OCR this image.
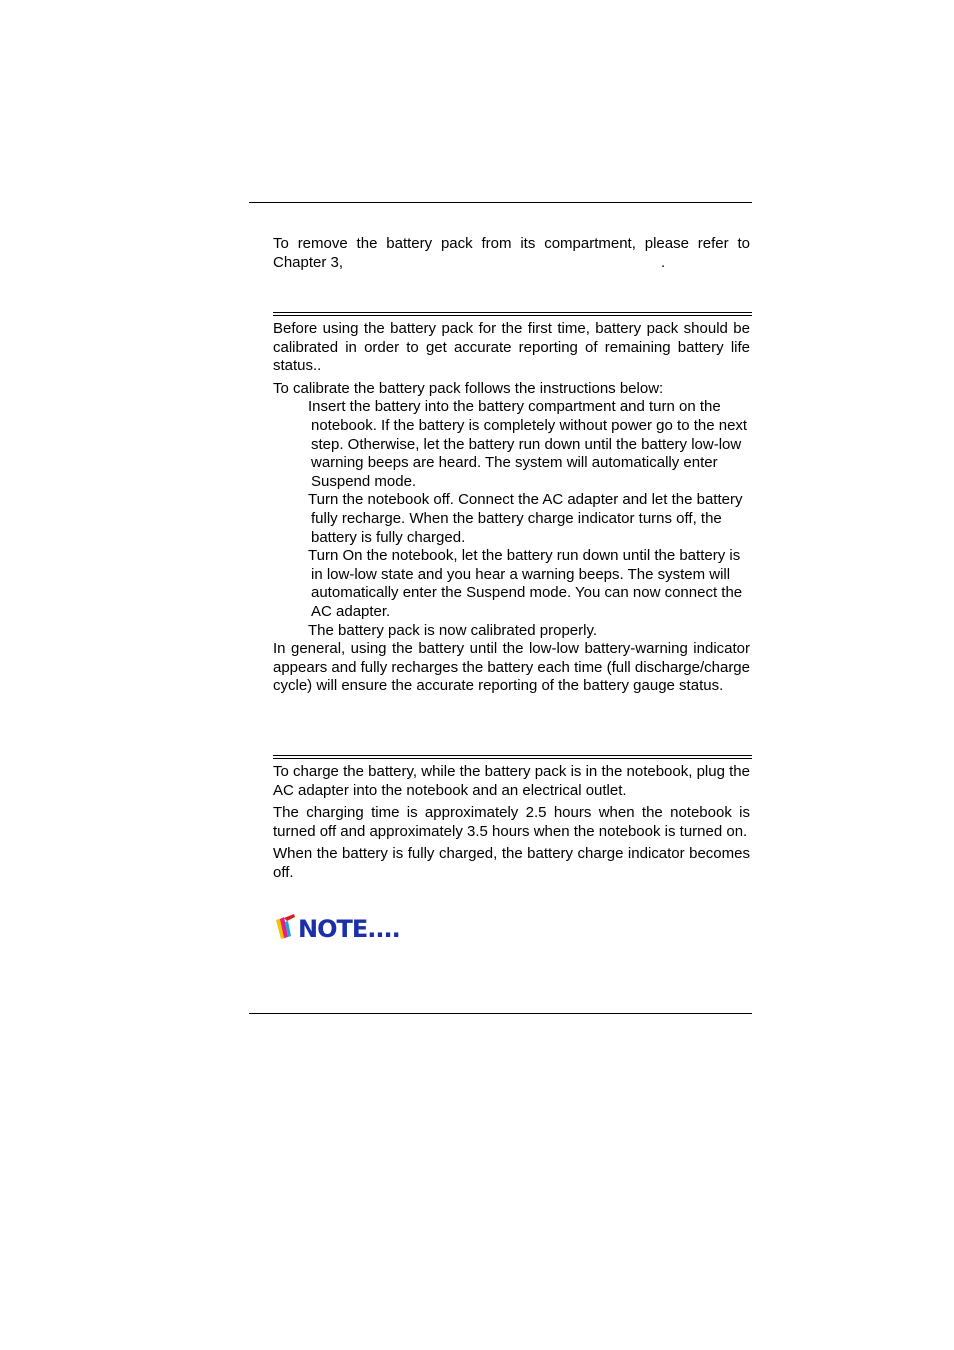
To remove the battery pack from its compartment, please refer to

Chapter 3,	.

Before using the battery pack for the first time, battery pack should be calibrated in order to get accurate reporting of remaining battery life status..

To calibrate the battery pack follows the instructions below:

Insert the battery into the battery compartment and turn on the notebook. If the battery is completely without power go to the next step. Otherwise, let the battery run down until the battery low-low warning beeps are heard. The system will automatically enter Suspend mode.

Turn the notebook off. Connect the AC adapter and let the battery fully recharge. When the battery charge indicator turns off, the battery is fully charged.

Turn On the notebook, let the battery run down until the battery is in low-low state and you hear a warning beeps. The system will automatically enter the Suspend mode. You can now connect the AC adapter.

The battery pack is now calibrated properly.

In general, using the battery until the low-low battery-warning indicator appears and fully recharges the battery each time (full discharge/charge cycle) will ensure the accurate reporting of the battery gauge status.

To charge the battery, while the battery pack is in the notebook, plug the AC adapter into the notebook and an electrical outlet.

The charging time is approximately 2.5 hours when the notebook is turned off and approximately 3.5 hours when the notebook is turned on.

When the battery is fully charged, the battery charge indicator becomes off.

NOTE....
